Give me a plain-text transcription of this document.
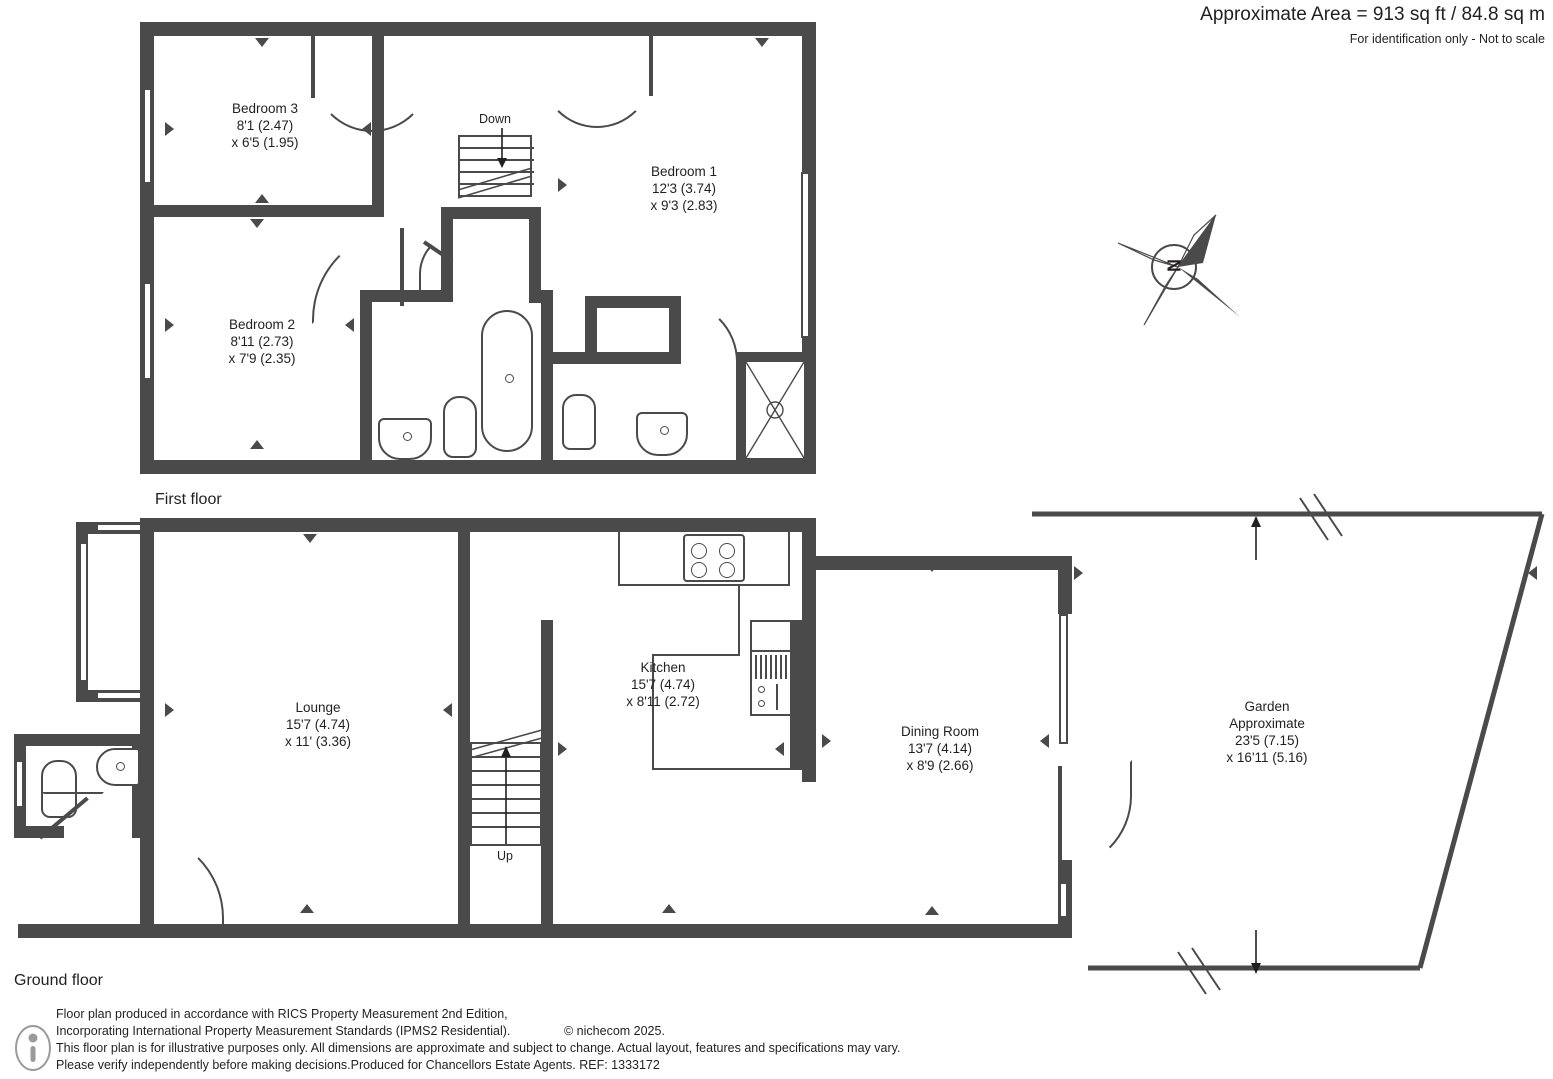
Approximate Area = 913 sq ft / 84.8 sq m
For identification only - Not to scale
Down
Bedroom 3
8'1 (2.47)
x 6'5 (1.95)
Bedroom 2
8'11 (2.73)
x 7'9 (2.35)
Bedroom 1
12'3 (3.74)
x 9'3 (2.83)
First floor
N
Up
Lounge
15'7 (4.74)
x 11' (3.36)
Kitchen
15'7 (4.74)
x 8'11 (2.72)
Dining Room
13'7 (4.14)
x 8'9 (2.66)
Garden
Approximate
23'5 (7.15)
x 16'11 (5.16)
Ground floor
Floor plan produced in accordance with RICS Property Measurement 2nd Edition,
Incorporating International Property Measurement Standards (IPMS2 Residential).	© nichecom 2025.
This floor plan is for illustrative purposes only. All dimensions are approximate and subject to change. Actual layout, features and specifications may vary.
Please verify independently before making decisions.Produced for Chancellors Estate Agents. REF: 1333172
